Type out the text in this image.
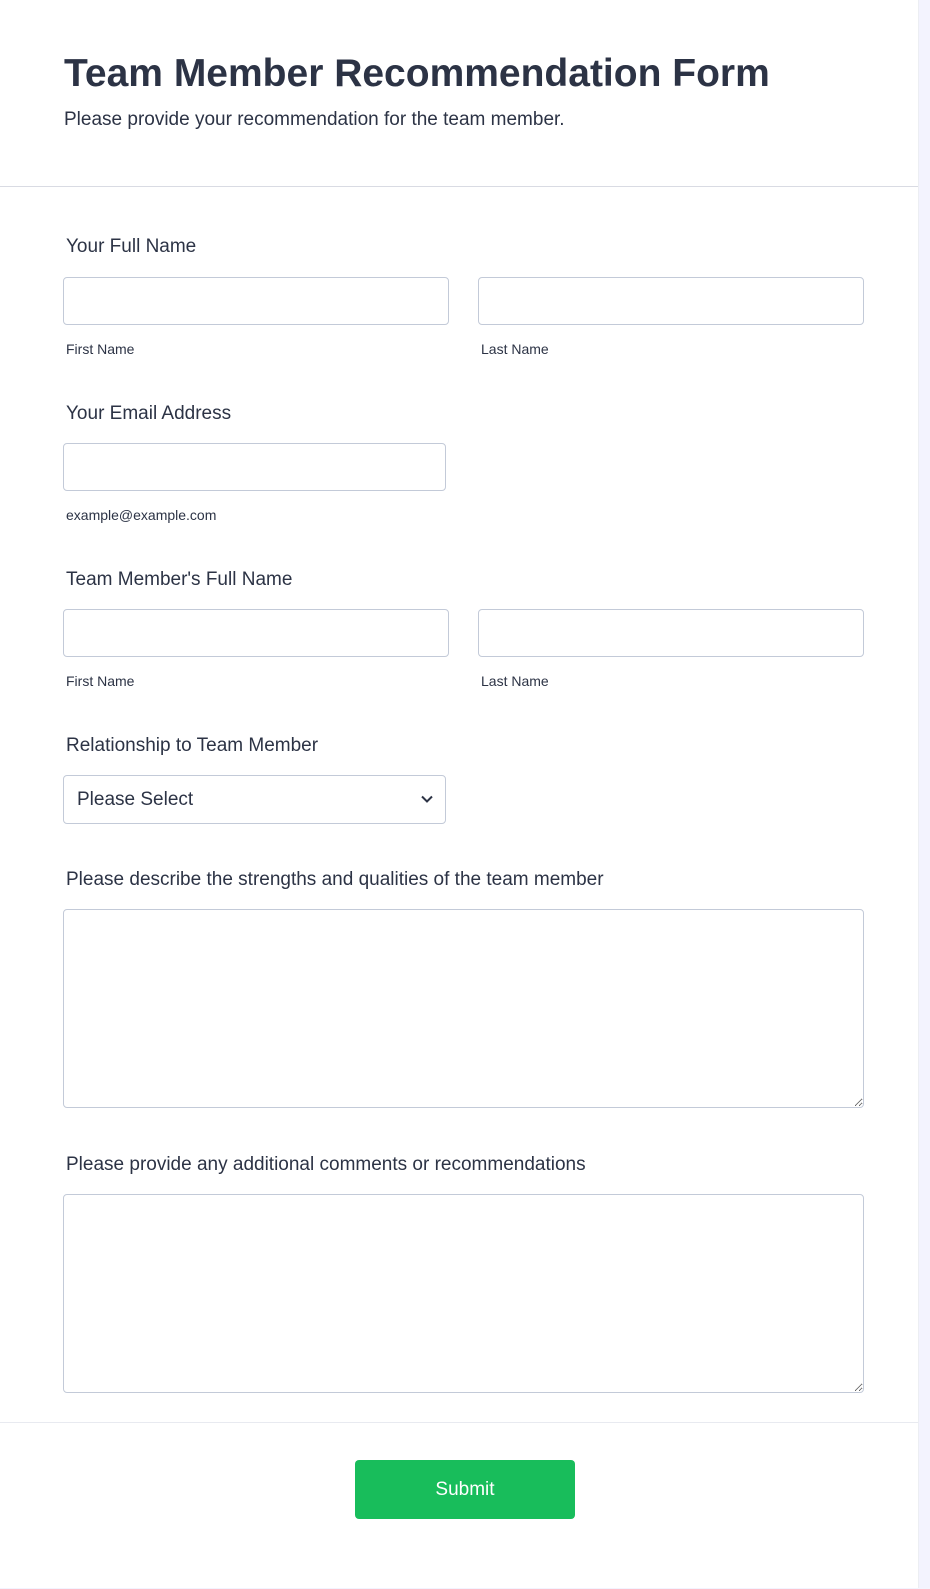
Team Member Recommendation Form
Please provide your recommendation for the team member.
Your Full Name
First Name	Last Name
Your Email Address
example@example.com
Team Member's Full Name
First Name	Last Name
Relationship to Team Member
Please Select
Please describe the strengths and qualities of the team member
Please provide any additional comments or recommendations
Submit
